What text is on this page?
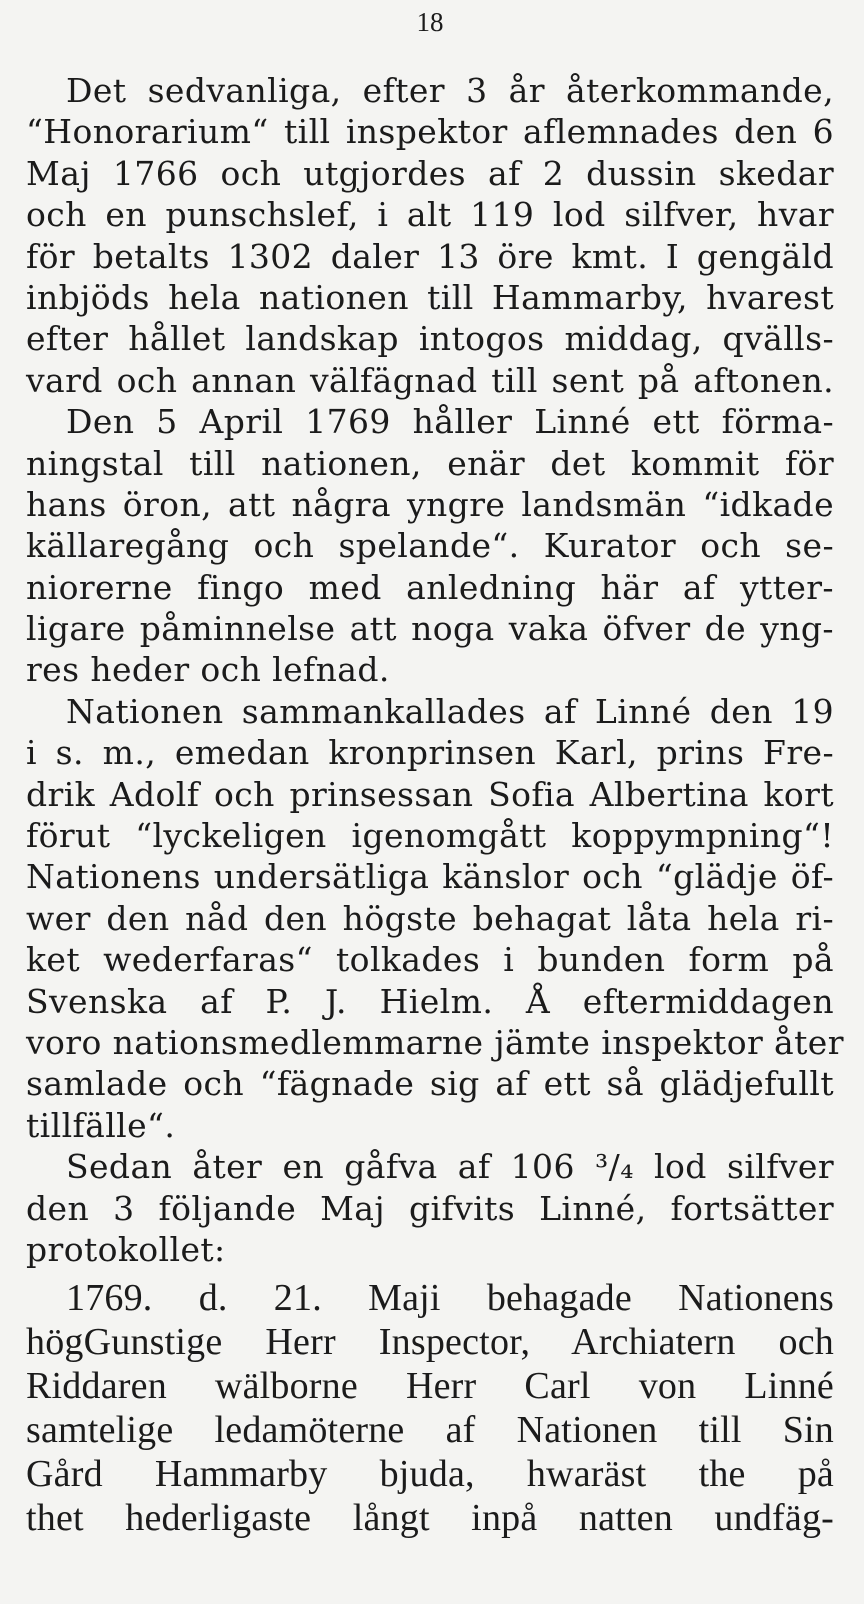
18
Det sedvanliga, efter 3 år återkommande,
“Honorarium“ till inspektor aflemnades den 6
Maj 1766 och utgjordes af 2 dussin skedar
och en punschslef, i alt 119 lod silfver, hvar
för betalts 1302 daler 13 öre kmt. I gengäld
inbjöds hela nationen till Hammarby, hvarest
efter hållet landskap intogos middag, qvälls-
vard och annan välfägnad till sent på aftonen.
Den 5 April 1769 håller Linné ett förma-
ningstal till nationen, enär det kommit för
hans öron, att några yngre landsmän “idkade
källaregång och spelande“. Kurator och se-
niorerne fingo med anledning här af ytter-
ligare påminnelse att noga vaka öfver de yng-
res heder och lefnad.
Nationen sammankallades af Linné den 19
i s. m., emedan kronprinsen Karl, prins Fre-
drik Adolf och prinsessan Sofia Albertina kort
förut “lyckeligen igenomgått koppympning“!
Nationens undersätliga känslor och “glädje öf-
wer den nåd den högste behagat låta hela ri-
ket wederfaras“ tolkades i bunden form på
Svenska af P. J. Hielm. Å eftermiddagen
voro nationsmedlemmarne jämte inspektor åter
samlade och “fägnade sig af ett så glädjefullt
tillfälle“.
Sedan åter en gåfva af 106 ³/₄ lod silfver
den 3 följande Maj gifvits Linné, fortsätter
protokollet:
1769. d. 21. Maji behagade Nationens
högGunstige Herr Inspector, Archiatern och
Riddaren wälborne Herr Carl von Linné
samtelige ledamöterne af Nationen till Sin
Gård Hammarby bjuda, hwaräst the på
thet hederligaste långt inpå natten undfäg-
